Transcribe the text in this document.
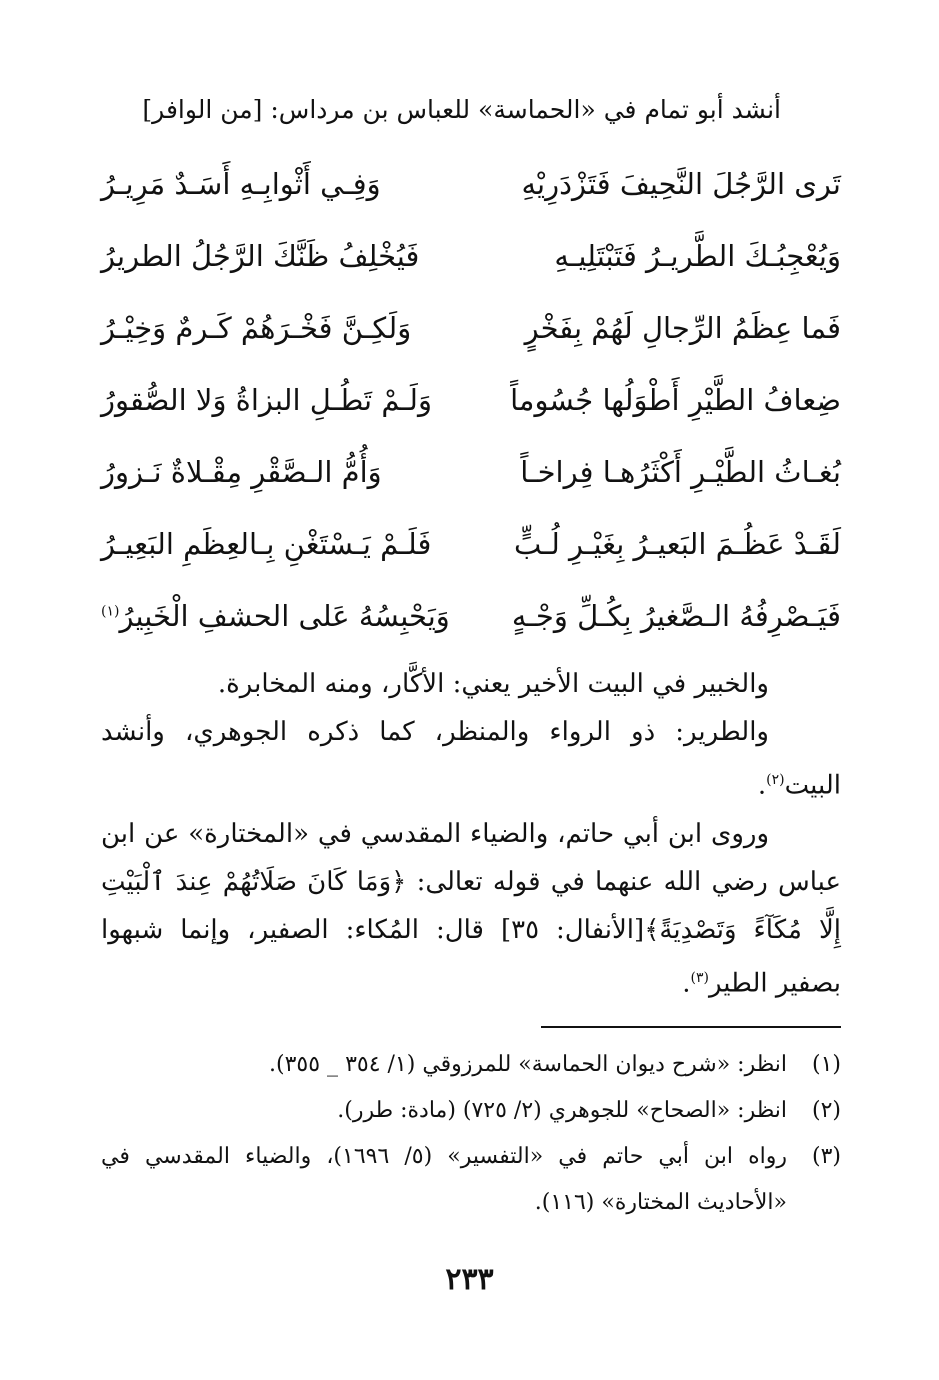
أنشد أبو تمام في «الحماسة» للعباس بن مرداس: [من الوافر]
تَرى الرَّجُلَ النَّحِيفَ فَتَزْدَرِيْهِ
وَفِـي أَثْوابِـهِ أَسَـدٌ مَرِيـرُ
وَيُعْجِبُـكَ الطَّريـرُ فَتَبْتَلِيـهِ
فَيُخْلِفُ ظَنَّكَ الرَّجُلُ الطريرُ
فَما عِظَمُ الرِّجالِ لَهُمْ بِفَخْرٍ
وَلَكِـنَّ فَخْـرَهُمْ كَـرمٌ وَخِيْـرُ
ضِعافُ الطَّيْرِ أَطْوَلُها جُسُوماً
وَلَـمْ تَطُـلِ البزاةُ وَلا الصُّقورُ
بُغـاثُ الطَّيْـرِ أَكْثَرُهـا فِراخـاً
وَأُمُّ الـصَّقْرِ مِقْـلاةٌ نَـزورُ
لَقَـدْ عَظُـمَ البَعيـرُ بِغَيْـرِ لُـبٍّ
فَلَـمْ يَـسْتَغْنِ بِـالعِظَمِ البَعِيـرُ
فَيَـصْرِفُهُ الـصَّغيرُ بِكُـلِّ وَجْـهٍ
وَيَحْبِسُهُ عَلى الحشفِ الْخَبِيرُ$^{(١)}$

والخبير في البيت الأخير يعني: الأكَّار، ومنه المخابرة.

والطرير: ذو الرواء والمنظر، كما ذكره الجوهري، وأنشد البيت$^{(٢)}$.

وروى ابن أبي حاتم، والضياء المقدسي في «المختارة» عن ابن عباس رضي الله عنهما في قوله تعالى: ﴿وَمَا كَانَ صَلَاتُهُمْ عِندَ ٱلْبَيْتِ إِلَّا مُكَآءً وَتَصْدِيَةً﴾[الأنفال: ٣٥] قال: المُكاء: الصفير، وإنما شبهوا بصفير الطير$^{(٣)}$.

(١)
انظر: «شرح ديوان الحماسة» للمرزوقي (١/ ٣٥٤ _ ٣٥٥).
(٢)
انظر: «الصحاح» للجوهري (٢/ ٧٢٥) (مادة: طرر).
(٣)
رواه ابن أبي حاتم في «التفسير» (٥/ ١٦٩٦)، والضياء المقدسي في «الأحاديث المختارة» (١١٦).
٢٣٣
